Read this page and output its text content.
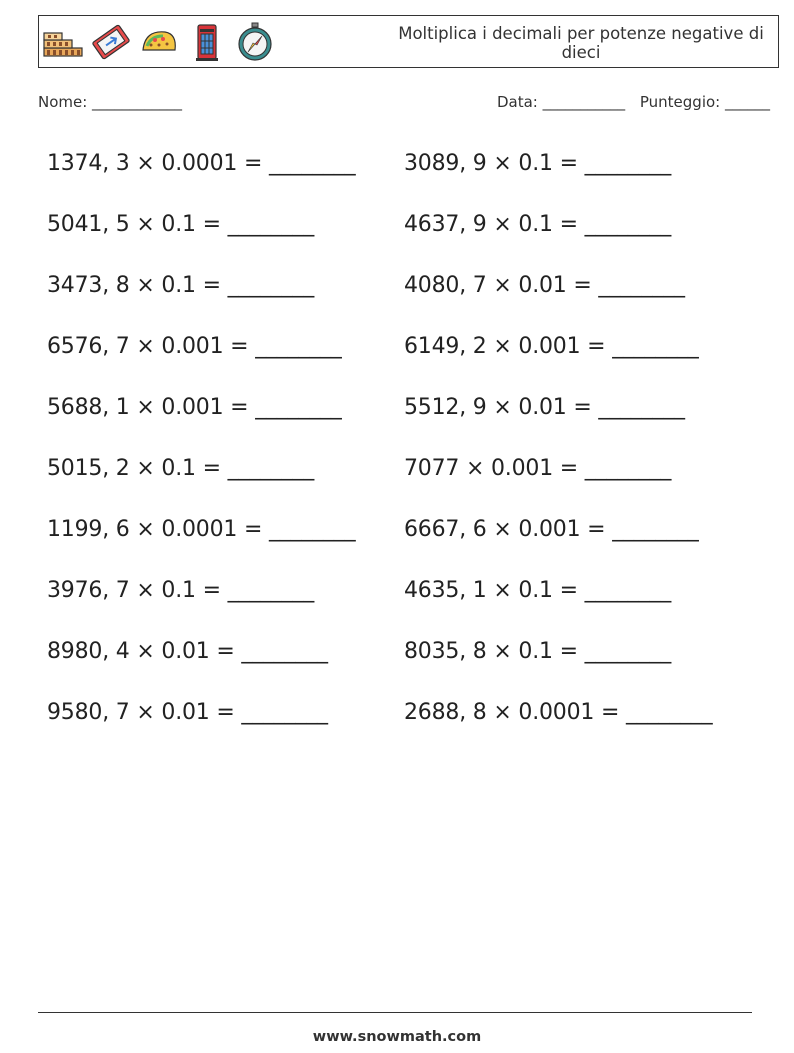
Moltiplica i decimali per potenze negative di dieci
Nome: ____________	Data: ___________ Punteggio: ______
1374, 3 × 0.0001 = ________
5041, 5 × 0.1 = ________
3473, 8 × 0.1 = ________
6576, 7 × 0.001 = ________
5688, 1 × 0.001 = ________
5015, 2 × 0.1 = ________
1199, 6 × 0.0001 = ________
3976, 7 × 0.1 = ________
8980, 4 × 0.01 = ________
9580, 7 × 0.01 = ________
3089, 9 × 0.1 = ________
4637, 9 × 0.1 = ________
4080, 7 × 0.01 = ________
6149, 2 × 0.001 = ________
5512, 9 × 0.01 = ________
7077 × 0.001 = ________
6667, 6 × 0.001 = ________
4635, 1 × 0.1 = ________
8035, 8 × 0.1 = ________
2688, 8 × 0.0001 = ________
www.snowmath.com
